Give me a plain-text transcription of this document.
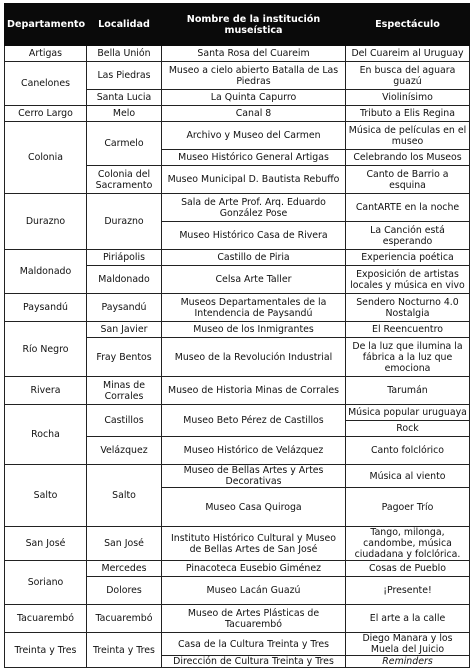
Departamento	Localidad	Nombre de la institución museística	Espectáculo
Artigas	Bella Unión	Santa Rosa del Cuareim	Del Cuareim al Uruguay
Canelones	Las Piedras	Museo a cielo abierto Batalla de Las Piedras	En busca del aguara guazú
	Santa Lucia	La Quinta Capurro	Violinísimo
Cerro Largo	Melo	Canal 8	Tributo a Elis Regina
Colonia	Carmelo	Archivo y Museo del Carmen	Música de películas en el museo
		Museo Histórico General Artigas	Celebrando los Museos
	Colonia del Sacramento	Museo Municipal D. Bautista Rebuffo	Canto de Barrio a esquina
Durazno	Durazno	Sala de Arte Prof. Arq. Eduardo González Pose	CantARTE en la noche
		Museo Histórico Casa de Rivera	La Canción está esperando
Maldonado	Piriápolis	Castillo de Piria	Experiencia poética
	Maldonado	Celsa Arte Taller	Exposición de artistas locales y música en vivo
Paysandú	Paysandú	Museos Departamentales de la Intendencia de Paysandú	Sendero Nocturno 4.0 Nostalgia
Río Negro	San Javier	Museo de los Inmigrantes	El Reencuentro
	Fray Bentos	Museo de la Revolución Industrial	De la luz que ilumina la fábrica a la luz que emociona
Rivera	Minas de Corrales	Museo de Historia Minas de Corrales	Tarumán
Rocha	Castillos	Museo Beto Pérez de Castillos	Música popular uruguaya
			Rock
	Velázquez	Museo Histórico de Velázquez	Canto folclórico
Salto	Salto	Museo de Bellas Artes y Artes Decorativas	Música al viento
		Museo Casa Quiroga	Pagoer Trío
San José	San José	Instituto Histórico Cultural y Museo de Bellas Artes de San José	Tango, milonga, candombe, música ciudadana y folclórica.
Soriano	Mercedes	Pinacoteca Eusebio Giménez	Cosas de Pueblo
	Dolores	Museo Lacán Guazú	¡Presente!
Tacuarembó	Tacuarembó	Museo de Artes Plásticas de Tacuarembó	El arte a la calle
Treinta y Tres	Treinta y Tres	Casa de la Cultura Treinta y Tres	Diego Manara y los Muela del Juicio
		Dirección de Cultura Treinta y Tres	Reminders
